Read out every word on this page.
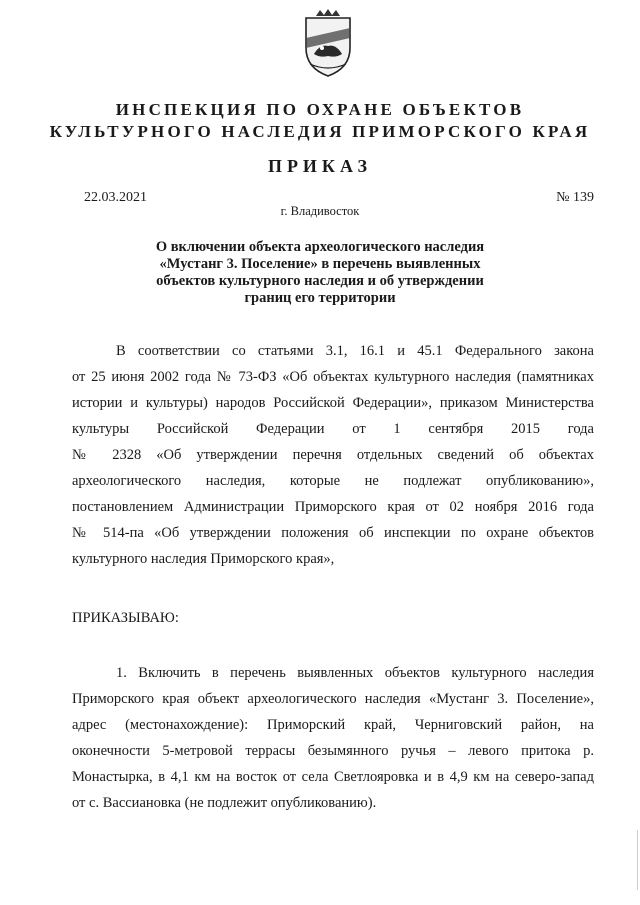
ИНСПЕКЦИЯ ПО ОХРАНЕ ОБЪЕКТОВ
КУЛЬТУРНОГО НАСЛЕДИЯ ПРИМОРСКОГО КРАЯ
ПРИКАЗ
22.03.2021	№ 139
г. Владивосток
О включении объекта археологического наследия
«Мустанг 3. Поселение» в перечень выявленных
объектов культурного наследия и об утверждении
границ его территории
В соответствии со статьями 3.1, 16.1 и 45.1 Федерального закона
от 25 июня 2002 года № 73-ФЗ «Об объектах культурного наследия (памятниках
истории и культуры) народов Российской Федерации», приказом Министерства
культуры Российской Федерации от 1 сентября 2015 года
№ 2328 «Об утверждении перечня отдельных сведений об объектах
археологического наследия, которые не подлежат опубликованию»,
постановлением Администрации Приморского края от 02 ноября 2016 года
№ 514-па «Об утверждении положения об инспекции по охране объектов
культурного наследия Приморского края»,
ПРИКАЗЫВАЮ:
1. Включить в перечень выявленных объектов культурного наследия
Приморского края объект археологического наследия «Мустанг 3. Поселение»,
адрес (местонахождение): Приморский край, Черниговский район, на
оконечности 5-метровой террасы безымянного ручья – левого притока р.
Монастырка, в 4,1 км на восток от села Светлояровка и в 4,9 км на северо-запад
от с. Вассиановка (не подлежит опубликованию).
